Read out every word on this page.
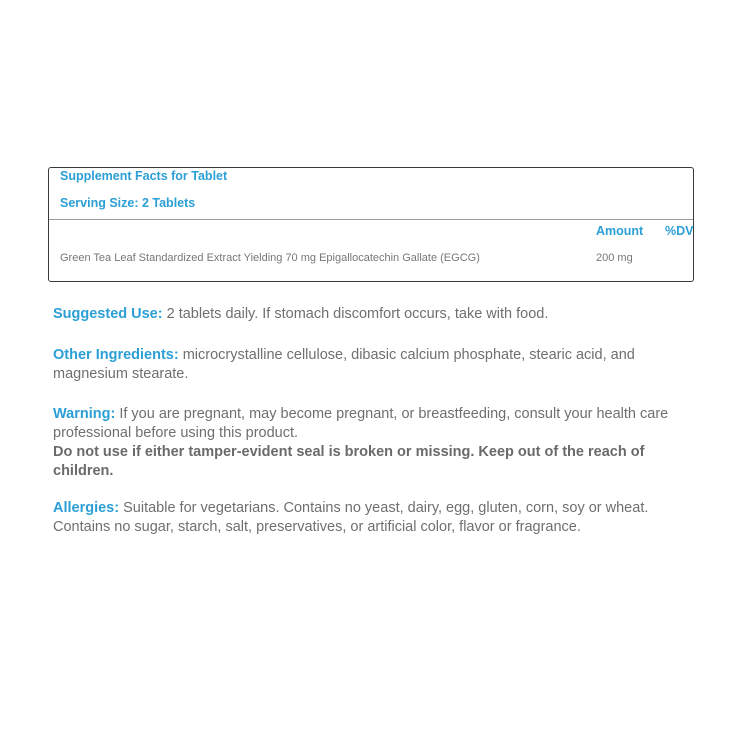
Supplement Facts for Tablet
Serving Size: 2 Tablets
Amount %DV
Green Tea Leaf Standardized Extract Yielding 70 mg Epigallocatechin Gallate (EGCG)	200 mg
Suggested Use: 2 tablets daily. If stomach discomfort occurs, take with food.
Other Ingredients: microcrystalline cellulose, dibasic calcium phosphate, stearic acid, and magnesium stearate.
Warning: If you are pregnant, may become pregnant, or breastfeeding, consult your health care professional before using this product.
Do not use if either tamper-evident seal is broken or missing. Keep out of the reach of children.
Allergies: Suitable for vegetarians. Contains no yeast, dairy, egg, gluten, corn, soy or wheat. Contains no sugar, starch, salt, preservatives, or artificial color, flavor or fragrance.
